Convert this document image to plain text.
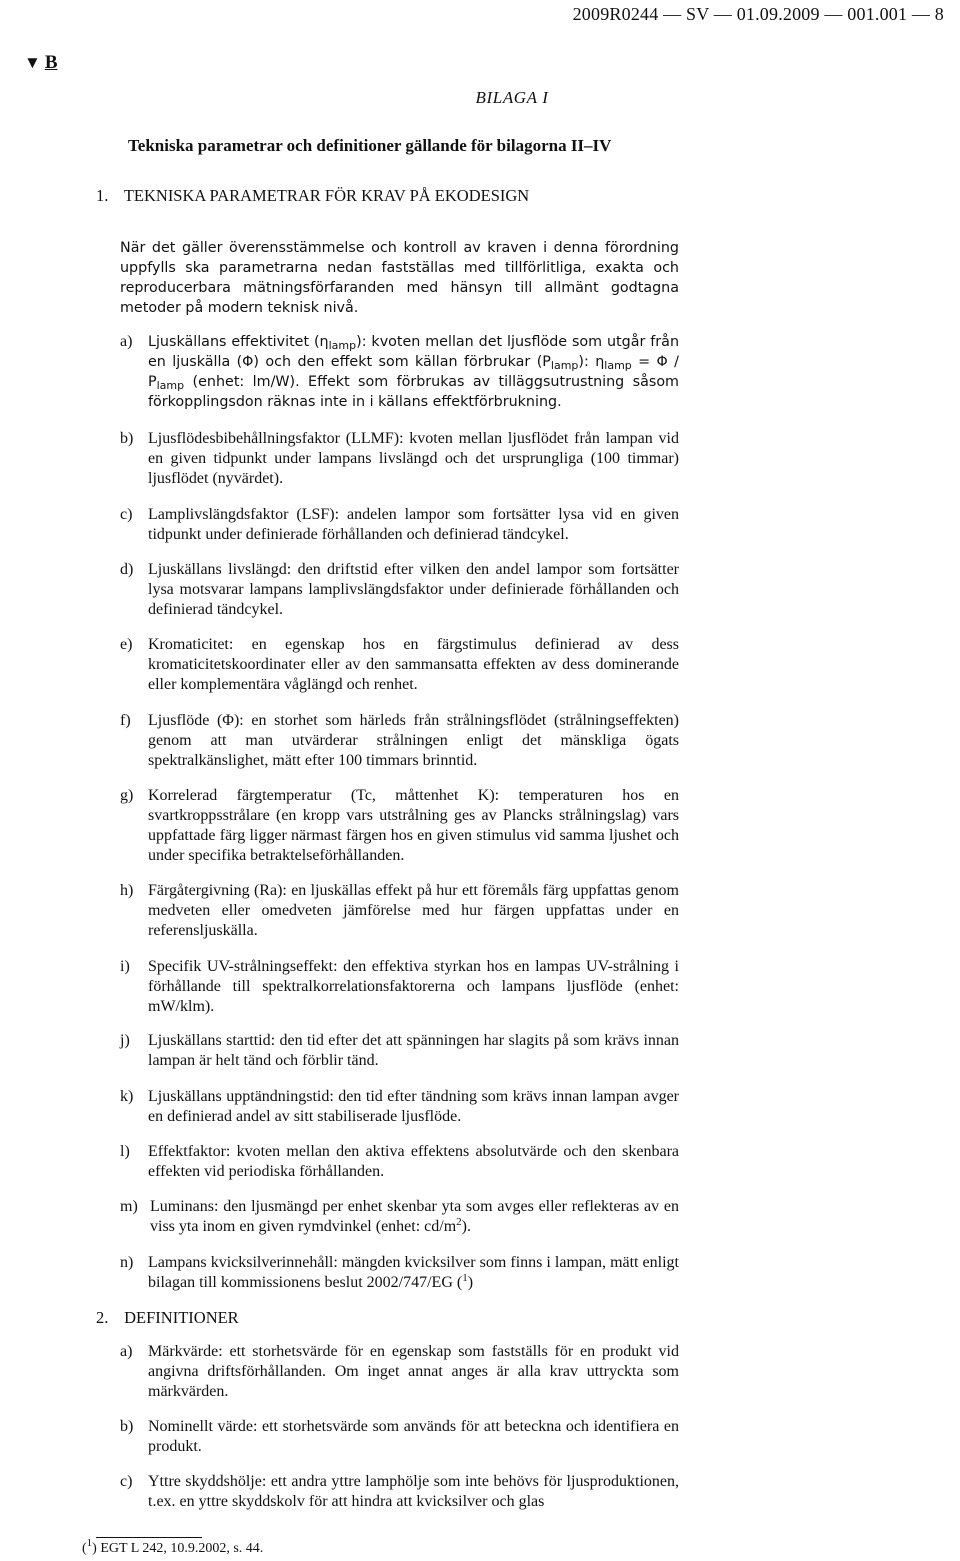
2009R0244 — SV — 01.09.2009 — 001.001 — 8
▼ B
BILAGA I
Tekniska parametrar och definitioner gällande för bilagorna II–IV
1. TEKNISKA PARAMETRAR FÖR KRAV PÅ EKODESIGN
När det gäller överensstämmelse och kontroll av kraven i denna förordning uppfylls ska parametrarna nedan fastställas med tillförlitliga, exakta och reproducerbara mätningsförfaranden med hänsyn till allmänt godtagna metoder på modern teknisk nivå.
a)	Ljuskällans effektivitet $(\eta_{lamp})$: kvoten mellan det ljusflöde som utgår från en ljuskälla (Φ) och den effekt som källan förbrukar $(P_{lamp})$: $\eta_{lamp} = \Phi / P_{lamp}$ (enhet: lm/W). Effekt som förbrukas av tilläggsutrustning såsom förkopplingsdon räknas inte in i källans effektförbrukning.
b) Ljusflödesbibehållningsfaktor (LLMF): kvoten mellan ljusflödet från lampan vid en given tidpunkt under lampans livslängd och det ursprungliga (100 timmar) ljusflödet (nyvärdet).
c) Lamplivslängdsfaktor (LSF): andelen lampor som fortsätter lysa vid en given tidpunkt under definierade förhållanden och definierad tändcykel.
d) Ljuskällans livslängd: den driftstid efter vilken den andel lampor som fortsätter lysa motsvarar lampans lamplivslängdsfaktor under definierade förhållanden och definierad tändcykel.
e) Kromaticitet: en egenskap hos en färgstimulus definierad av dess kromaticitetskoordinater eller av den sammansatta effekten av dess dominerande eller komplementära våglängd och renhet.
f)	Ljusflöde (Φ): en storhet som härleds från strålningsflödet (strålningseffekten) genom att man utvärderar strålningen enligt det mänskliga ögats spektralkänslighet, mätt efter 100 timmars brinntid.
g) Korrelerad färgtemperatur (Tc, måttenhet K): temperaturen hos en svartkroppsstrålare (en kropp vars utstrålning ges av Plancks strålningslag) vars uppfattade färg ligger närmast färgen hos en given stimulus vid samma ljushet och under specifika betraktelseförhållanden.
h) Färgåtergivning (Ra): en ljuskällas effekt på hur ett föremåls färg uppfattas genom medveten eller omedveten jämförelse med hur färgen uppfattas under en referensljuskälla.
i)	Specifik UV-strålningseffekt: den effektiva styrkan hos en lampas UV-strålning i förhållande till spektralkorrelationsfaktorerna och lampans ljusflöde (enhet: mW/klm).
j)	Ljuskällans starttid: den tid efter det att spänningen har slagits på som krävs innan lampan är helt tänd och förblir tänd.
k) Ljuskällans upptändningstid: den tid efter tändning som krävs innan lampan avger en definierad andel av sitt stabiliserade ljusflöde.
l)	Effektfaktor: kvoten mellan den aktiva effektens absolutvärde och den skenbara effekten vid periodiska förhållanden.
m) Luminans: den ljusmängd per enhet skenbar yta som avges eller reflekteras av en viss yta inom en given rymdvinkel (enhet: $cd/m^2$).
n) Lampans kvicksilverinnehåll: mängden kvicksilver som finns i lampan, mätt enligt bilagan till kommissionens beslut 2002/747/EG ($^1$)
2. DEFINITIONER
a) Märkvärde: ett storhetsvärde för en egenskap som fastställs för en produkt vid angivna driftsförhållanden. Om inget annat anges är alla krav uttryckta som märkvärden.
b) Nominellt värde: ett storhetsvärde som används för att beteckna och identifiera en produkt.
c) Yttre skyddshölje: ett andra yttre lamphölje som inte behövs för ljusproduktionen, t.ex. en yttre skyddskolv för att hindra att kvicksilver och glas
($^1$) EGT L 242, 10.9.2002, s. 44.
